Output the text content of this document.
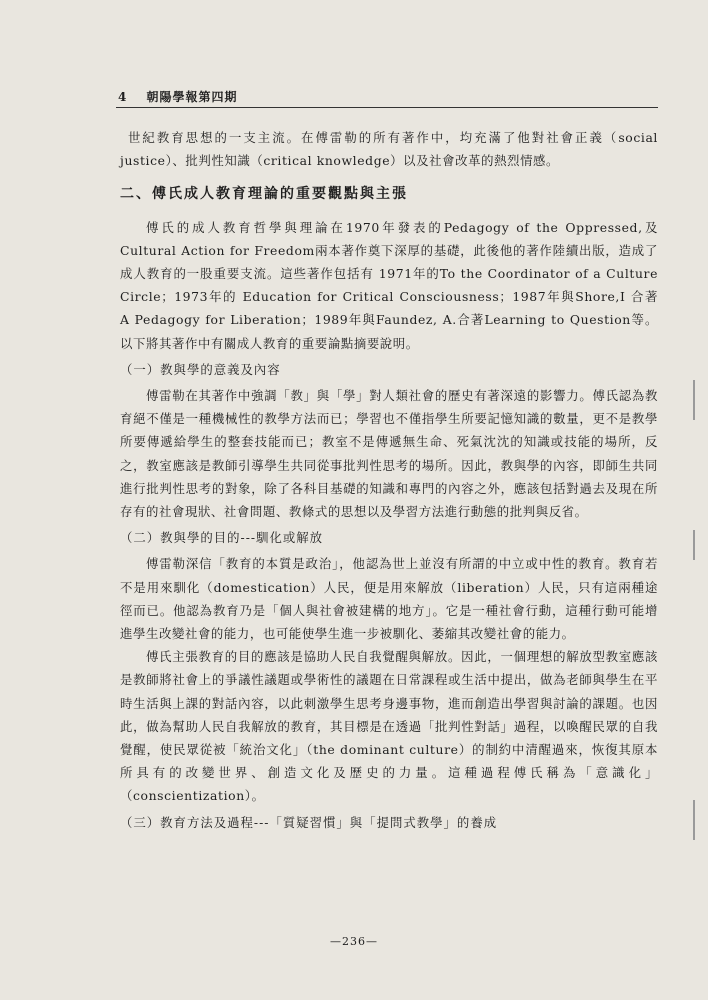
4 朝陽學報第四期

世紀教育思想的一支主流。在傅雷勒的所有著作中，均充滿了他對社會正義（social justice）、批判性知識（critical knowledge）以及社會改革的熱烈情感。

二、傅氏成人教育理論的重要觀點與主張

傅氏的成人教育哲學與理論在1970年發表的Pedagogy of the Oppressed,及Cultural Action for Freedom兩本著作奠下深厚的基礎，此後他的著作陸續出版，造成了成人教育的一股重要支流。這些著作包括有 1971年的To the Coordinator of a Culture Circle；1973年的 Education for Critical Consciousness；1987年與Shore,I 合著 A Pedagogy for Liberation；1989年與Faundez, A.合著Learning to Question等。以下將其著作中有關成人教育的重要論點摘要說明。

（一）教與學的意義及內容

傅雷勒在其著作中強調「教」與「學」對人類社會的歷史有著深遠的影響力。傅氏認為教育絕不僅是一種機械性的教學方法而已；學習也不僅指學生所要記憶知識的數量，更不是教學所要傳遞給學生的整套技能而已；教室不是傳遞無生命、死氣沈沈的知識或技能的場所，反之，教室應該是教師引導學生共同從事批判性思考的場所。因此，教與學的內容，即師生共同進行批判性思考的對象，除了各科目基礎的知識和專門的內容之外，應該包括對過去及現在所存有的社會現狀、社會問題、教條式的思想以及學習方法進行動態的批判與反省。

（二）教與學的目的---馴化或解放

傅雷勒深信「教育的本質是政治」，他認為世上並沒有所謂的中立或中性的教育。教育若不是用來馴化（domestication）人民，便是用來解放（liberation）人民，只有這兩種途徑而已。他認為教育乃是「個人與社會被建構的地方」。它是一種社會行動，這種行動可能增進學生改變社會的能力，也可能使學生進一步被馴化、萎縮其改變社會的能力。

傅氏主張教育的目的應該是協助人民自我覺醒與解放。因此，一個理想的解放型教室應該是教師將社會上的爭議性議題或學術性的議題在日常課程或生活中提出，做為老師與學生在平時生活與上課的對話內容，以此刺激學生思考身邊事物，進而創造出學習與討論的課題。也因此，做為幫助人民自我解放的教育，其目標是在透過「批判性對話」過程，以喚醒民眾的自我覺醒，使民眾從被「統治文化」（the dominant culture）的制約中清醒過來，恢復其原本所具有的改變世界、創造文化及歷史的力量。這種過程傅氏稱為「意識化」（conscientization）。

（三）教育方法及過程---「質疑習慣」與「提問式教學」的養成
—236—
